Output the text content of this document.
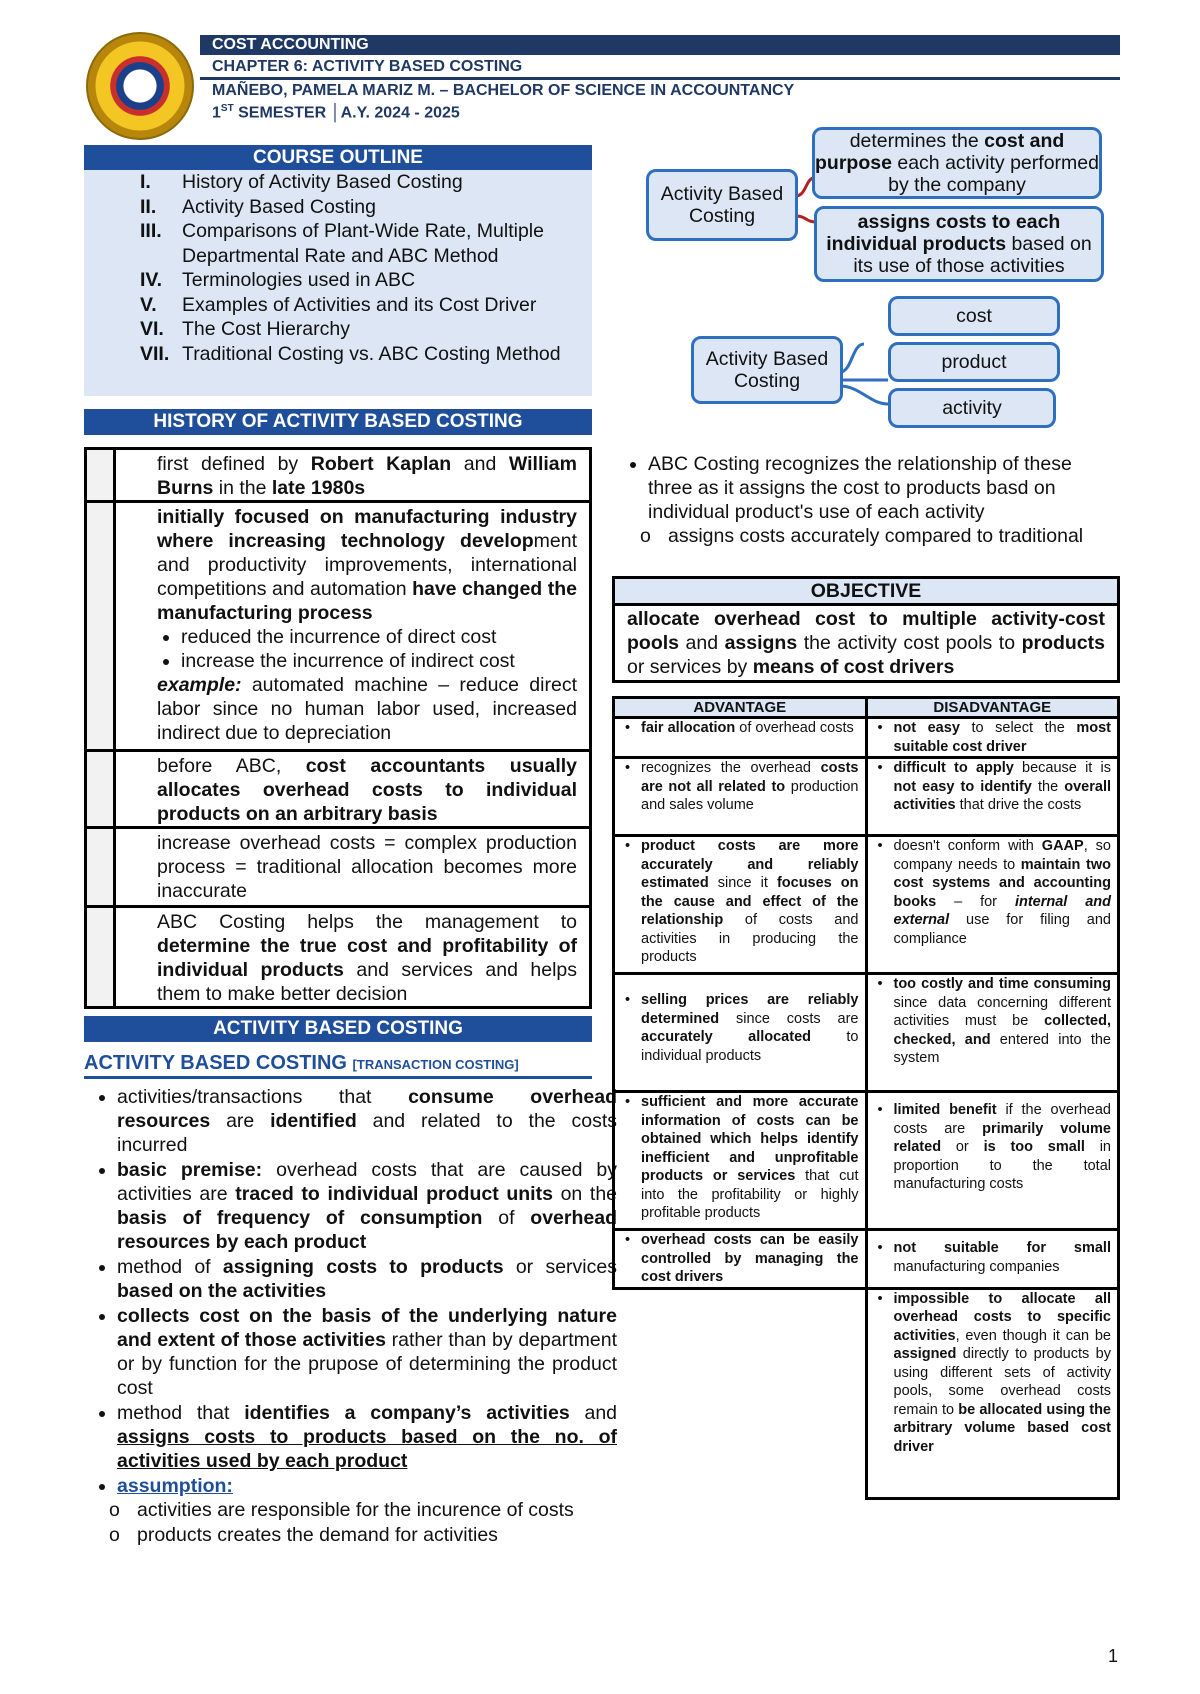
COST ACCOUNTING
CHAPTER 6: ACTIVITY BASED COSTING
MAÑEBO, PAMELA MARIZ M. – BACHELOR OF SCIENCE IN ACCOUNTANCY
1ST SEMESTER │A.Y. 2024 - 2025
COURSE OUTLINE
I. History of Activity Based Costing
II. Activity Based Costing
III. Comparisons of Plant-Wide Rate, Multiple Departmental Rate and ABC Method
IV. Terminologies used in ABC
V. Examples of Activities and its Cost Driver
VI. The Cost Hierarchy
VII. Traditional Costing vs. ABC Costing Method
HISTORY OF ACTIVITY BASED COSTING
first defined by Robert Kaplan and William Burns in the late 1980s
initially focused on manufacturing industry where increasing technology development and productivity improvements, international competitions and automation have changed the manufacturing process
• reduced the incurrence of direct cost
• increase the incurrence of indirect cost
example: automated machine – reduce direct labor since no human labor used, increased indirect due to depreciation
before ABC, cost accountants usually allocates overhead costs to individual products on an arbitrary basis
increase overhead costs = complex production process = traditional allocation becomes more inaccurate
ABC Costing helps the management to determine the true cost and profitability of individual products and services and helps them to make better decision
ACTIVITY BASED COSTING
ACTIVITY BASED COSTING [TRANSACTION COSTING]
• activities/transactions that consume overhead resources are identified and related to the costs incurred
• basic premise: overhead costs that are caused by activities are traced to individual product units on the basis of frequency of consumption of overhead resources by each product
• method of assigning costs to products or services based on the activities
• collects cost on the basis of the underlying nature and extent of those activities rather than by department or by function for the prupose of determining the product cost
• method that identifies a company’s activities and assigns costs to products based on the no. of activities used by each product
• assumption:
o activities are responsible for the incurence of costs
o products creates the demand for activities
Activity Based Costing
determines the cost and purpose each activity performed by the company
assigns costs to each individual products based on its use of those activities
Activity Based Costing
cost
product
activity
• ABC Costing recognizes the relationship of these three as it assigns the cost to products basd on individual product's use of each activity
o assigns costs accurately compared to traditional
OBJECTIVE
allocate overhead cost to multiple activity-cost pools and assigns the activity cost pools to products or services by means of cost drivers
ADVANTAGE	DISADVANTAGE

• fair allocation of overhead costs	• not easy to select the most suitable cost driver

• recognizes the overhead costs are not all related to production and sales volume	• difficult to apply because it is not easy to identify the overall activities that drive the costs

• product costs are more accurately and reliably estimated since it focuses on the cause and effect of the relationship of costs and activities in producing the products	• doesn't conform with GAAP, so company needs to maintain two cost systems and accounting books – for internal and external use for filing and compliance

• selling prices are reliably determined since costs are accurately allocated to individual products	• too costly and time consuming since data concerning different activities must be collected, checked, and entered into the system

• sufficient and more accurate information of costs can be obtained which helps identify inefficient and unprofitable products or services that cut into the profitability or highly profitable products	• limited benefit if the overhead costs are primarily volume related or is too small in proportion to the total manufacturing costs

• overhead costs can be easily controlled by managing the cost drivers	• not suitable for small manufacturing companies

	• impossible to allocate all overhead costs to specific activities, even though it can be assigned directly to products by using different sets of activity pools, some overhead costs remain to be allocated using the arbitrary volume based cost driver
1
